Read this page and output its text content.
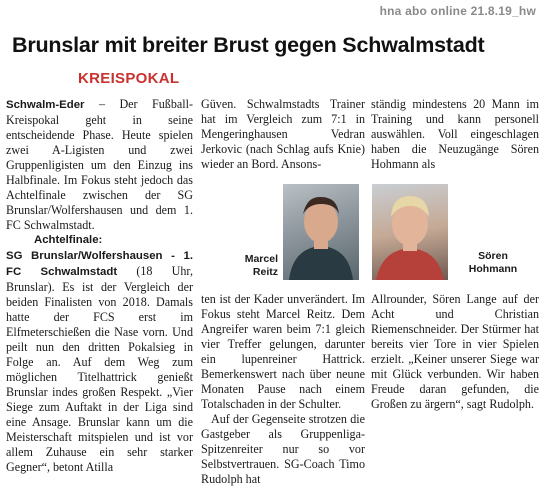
hna abo online 21.8.19_hw
Brunslar mit breiter Brust gegen Schwalmstadt
KREISPOKAL

Schwalm-Eder – Der Fußball-Kreispokal geht in seine entscheidende Phase. Heute spielen zwei A-Ligisten und zwei Gruppenligisten um den Einzug ins Halbfinale. Im Fokus steht jedoch das Achtelfinale zwischen der SG Brunslar/Wolfershausen und dem 1. FC Schwalmstadt.

Achtelfinale:

SG Brunslar/Wolfershausen - 1. FC Schwalmstadt (18 Uhr, Brunslar). Es ist der Vergleich der beiden Finalisten von 2018. Damals hatte der FCS erst im Elfmeterschießen die Nase vorn. Und peilt nun den dritten Pokalsieg in Folge an. Auf dem Weg zum möglichen Titelhattrick genießt Brunslar indes großen Respekt. „Vier Siege zum Auftakt in der Liga sind eine Ansage. Brunslar kann um die Meisterschaft mitspielen und ist vor allem Zuhause ein sehr starker Gegner“, betont Atilla

Güven. Schwalmstadts Trainer hat im Vergleich zum 7:1 in Mengeringhausen Vedran Jerkovic (nach Schlag aufs Knie) wieder an Bord. Ansons-

ständig mindestens 20 Mann im Training und kann personell auswählen. Voll eingeschlagen haben die Neuzugänge Sören Hohmann als

Marcel
Reitz
Sören
Hohmann

ten ist der Kader unverändert. Im Fokus steht Marcel Reitz. Dem Angreifer waren beim 7:1 gleich vier Treffer gelungen, darunter ein lupenreiner Hattrick. Bemerkenswert nach über neune Monaten Pause nach einem Totalschaden in der Schulter.

Auf der Gegenseite strotzen die Gastgeber als Gruppenliga-Spitzenreiter nur so vor Selbstvertrauen. SG-Coach Timo Rudolph hat

Allrounder, Sören Lange auf der Acht und Christian Riemenschneider. Der Stürmer hat bereits vier Tore in vier Spielen erzielt. „Keiner unserer Siege war mit Glück verbunden. Wir haben Freude daran gefunden, die Großen zu ärgern“, sagt Rudolph.
